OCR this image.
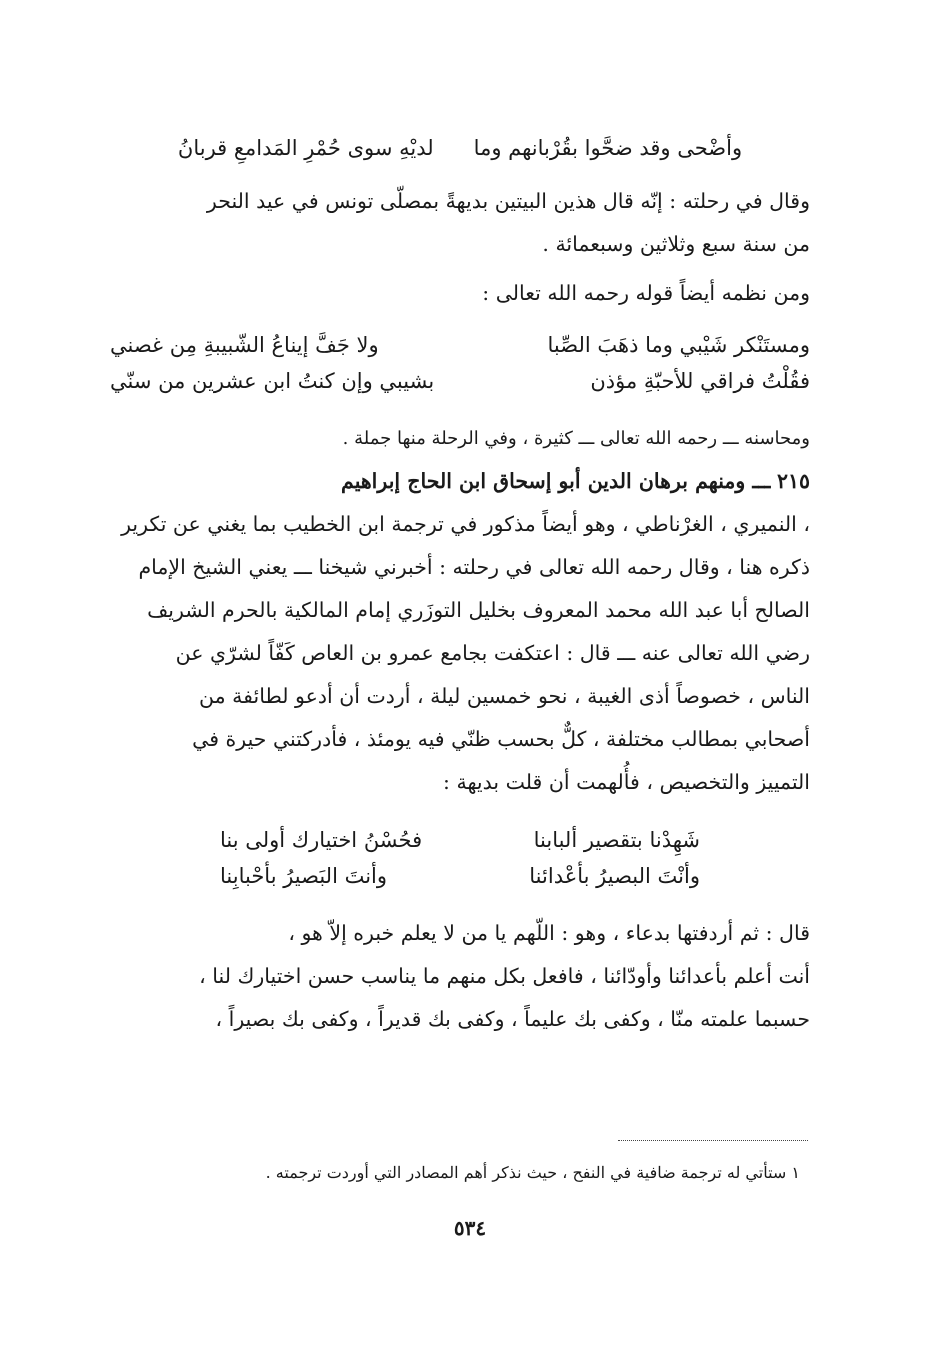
وأضْحى وقد ضحَّوا بقُرْبانهم وما
لديْهِ سوى حُمْرِ المَدامعِ قربانُ
وقال في رحلته : إنّه قال هذين البيتين بديهةً بمصلّى تونس في عيد النحر
من سنة سبع وثلاثين وسبعمائة .
ومن نظمه أيضاً قوله رحمه الله تعالى :
ومستَنْكر شَيْبي وما ذهَبَ الصِّبا
ولا جَفَّ إيناعُ الشّبيبةِ مِن غصني
فقُلْتُ فراقي للأحبّةِ مؤذن
بشيبي وإن كنتُ ابن عشرين من سنّي
ومحاسنه ـــ رحمه الله تعالى ـــ كثيرة ، وفي الرحلة منها جملة .
٢١٥ ـــ ومنهم برهان الدين أبو إسحاق ابن الحاج إبراهيم
، النميري ، الغرْناطي ، وهو أيضاً مذكور في ترجمة ابن الخطيب بما يغني عن تكرير
ذكره هنا ، وقال رحمه الله تعالى في رحلته : أخبرني شيخنا ـــ يعني الشيخ الإمام
الصالح أبا عبد الله محمد المعروف بخليل التوزَري إمام المالكية بالحرم الشريف
رضي الله تعالى عنه ـــ قال : اعتكفت بجامع عمرو بن العاص كَفّاً لشرّي عن
الناس ، خصوصاً أذى الغيبة ، نحو خمسين ليلة ، أردت أن أدعو لطائفة من
أصحابي بمطالب مختلفة ، كلٌّ بحسب ظنّي فيه يومئذ ، فأدركتني حيرة في
التمييز والتخصيص ، فأُلهمت أن قلت بديهة :
شَهِدْنا بتقصير ألبابنا
فحُسْنُ اختيارك أولى بنا
وأنْتَ البصيرُ بأعْدائنا
وأنتَ البَصيرُ بأحْبابِنا
قال : ثم أردفتها بدعاء ، وهو : اللّهم يا من لا يعلم خبره إلاّ هو ،
أنت أعلم بأعدائنا وأودّائنا ، فافعل بكل منهم ما يناسب حسن اختيارك لنا ،
حسبما علمته منّا ، وكفى بك عليماً ، وكفى بك قديراً ، وكفى بك بصيراً ،
١ ستأتي له ترجمة ضافية في النفح ، حيث نذكر أهم المصادر التي أوردت ترجمته .
٥٣٤
